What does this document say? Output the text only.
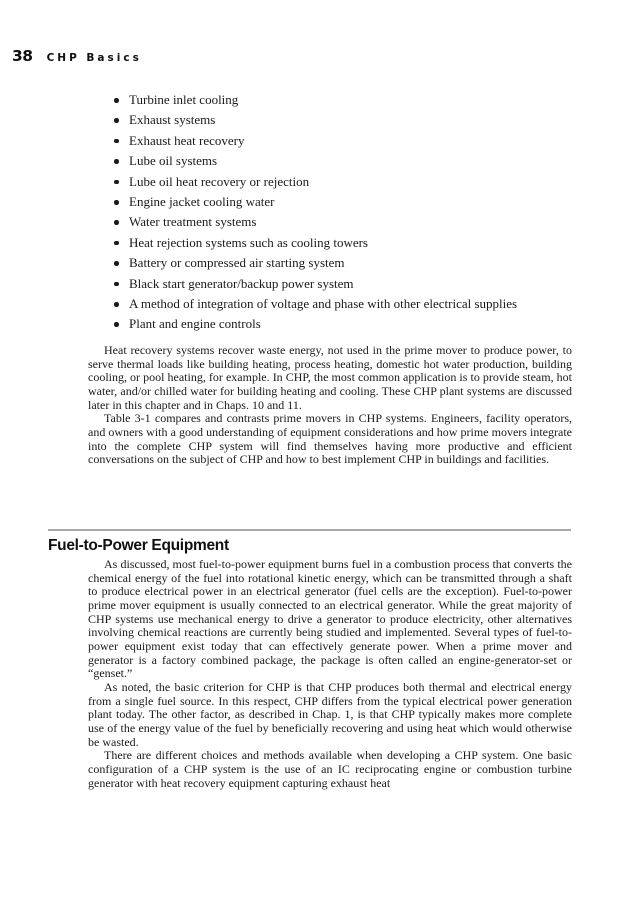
38 CHP Basics
Turbine inlet cooling
Exhaust systems
Exhaust heat recovery
Lube oil systems
Lube oil heat recovery or rejection
Engine jacket cooling water
Water treatment systems
Heat rejection systems such as cooling towers
Battery or compressed air starting system
Black start generator/backup power system
A method of integration of voltage and phase with other electrical supplies
Plant and engine controls

Heat recovery systems recover waste energy, not used in the prime mover to produce power, to serve thermal loads like building heating, process heating, domestic hot water production, building cooling, or pool heating, for example. In CHP, the most common application is to provide steam, hot water, and/or chilled water for building heating and cooling. These CHP plant systems are discussed later in this chapter and in Chaps. 10 and 11.

Table 3-1 compares and contrasts prime movers in CHP systems. Engineers, facility operators, and owners with a good understanding of equipment considerations and how prime movers integrate into the complete CHP system will find themselves having more productive and efficient conversations on the subject of CHP and how to best implement CHP in buildings and facilities.

Fuel-to-Power Equipment

As discussed, most fuel-to-power equipment burns fuel in a combustion process that converts the chemical energy of the fuel into rotational kinetic energy, which can be transmitted through a shaft to produce electrical power in an electrical generator (fuel cells are the exception). Fuel-to-power prime mover equipment is usually connected to an electrical generator. While the great majority of CHP systems use mechanical energy to drive a generator to produce electricity, other alternatives involving chemical reactions are currently being studied and implemented. Several types of fuel-to-power equipment exist today that can effectively generate power. When a prime mover and generator is a factory combined package, the package is often called an engine-generator-set or “genset.”

As noted, the basic criterion for CHP is that CHP produces both thermal and electrical energy from a single fuel source. In this respect, CHP differs from the typical electrical power generation plant today. The other factor, as described in Chap. 1, is that CHP typically makes more complete use of the energy value of the fuel by beneficially recovering and using heat which would otherwise be wasted.

There are different choices and methods available when developing a CHP system. One basic configuration of a CHP system is the use of an IC reciprocating engine or combustion turbine generator with heat recovery equipment capturing exhaust heat
